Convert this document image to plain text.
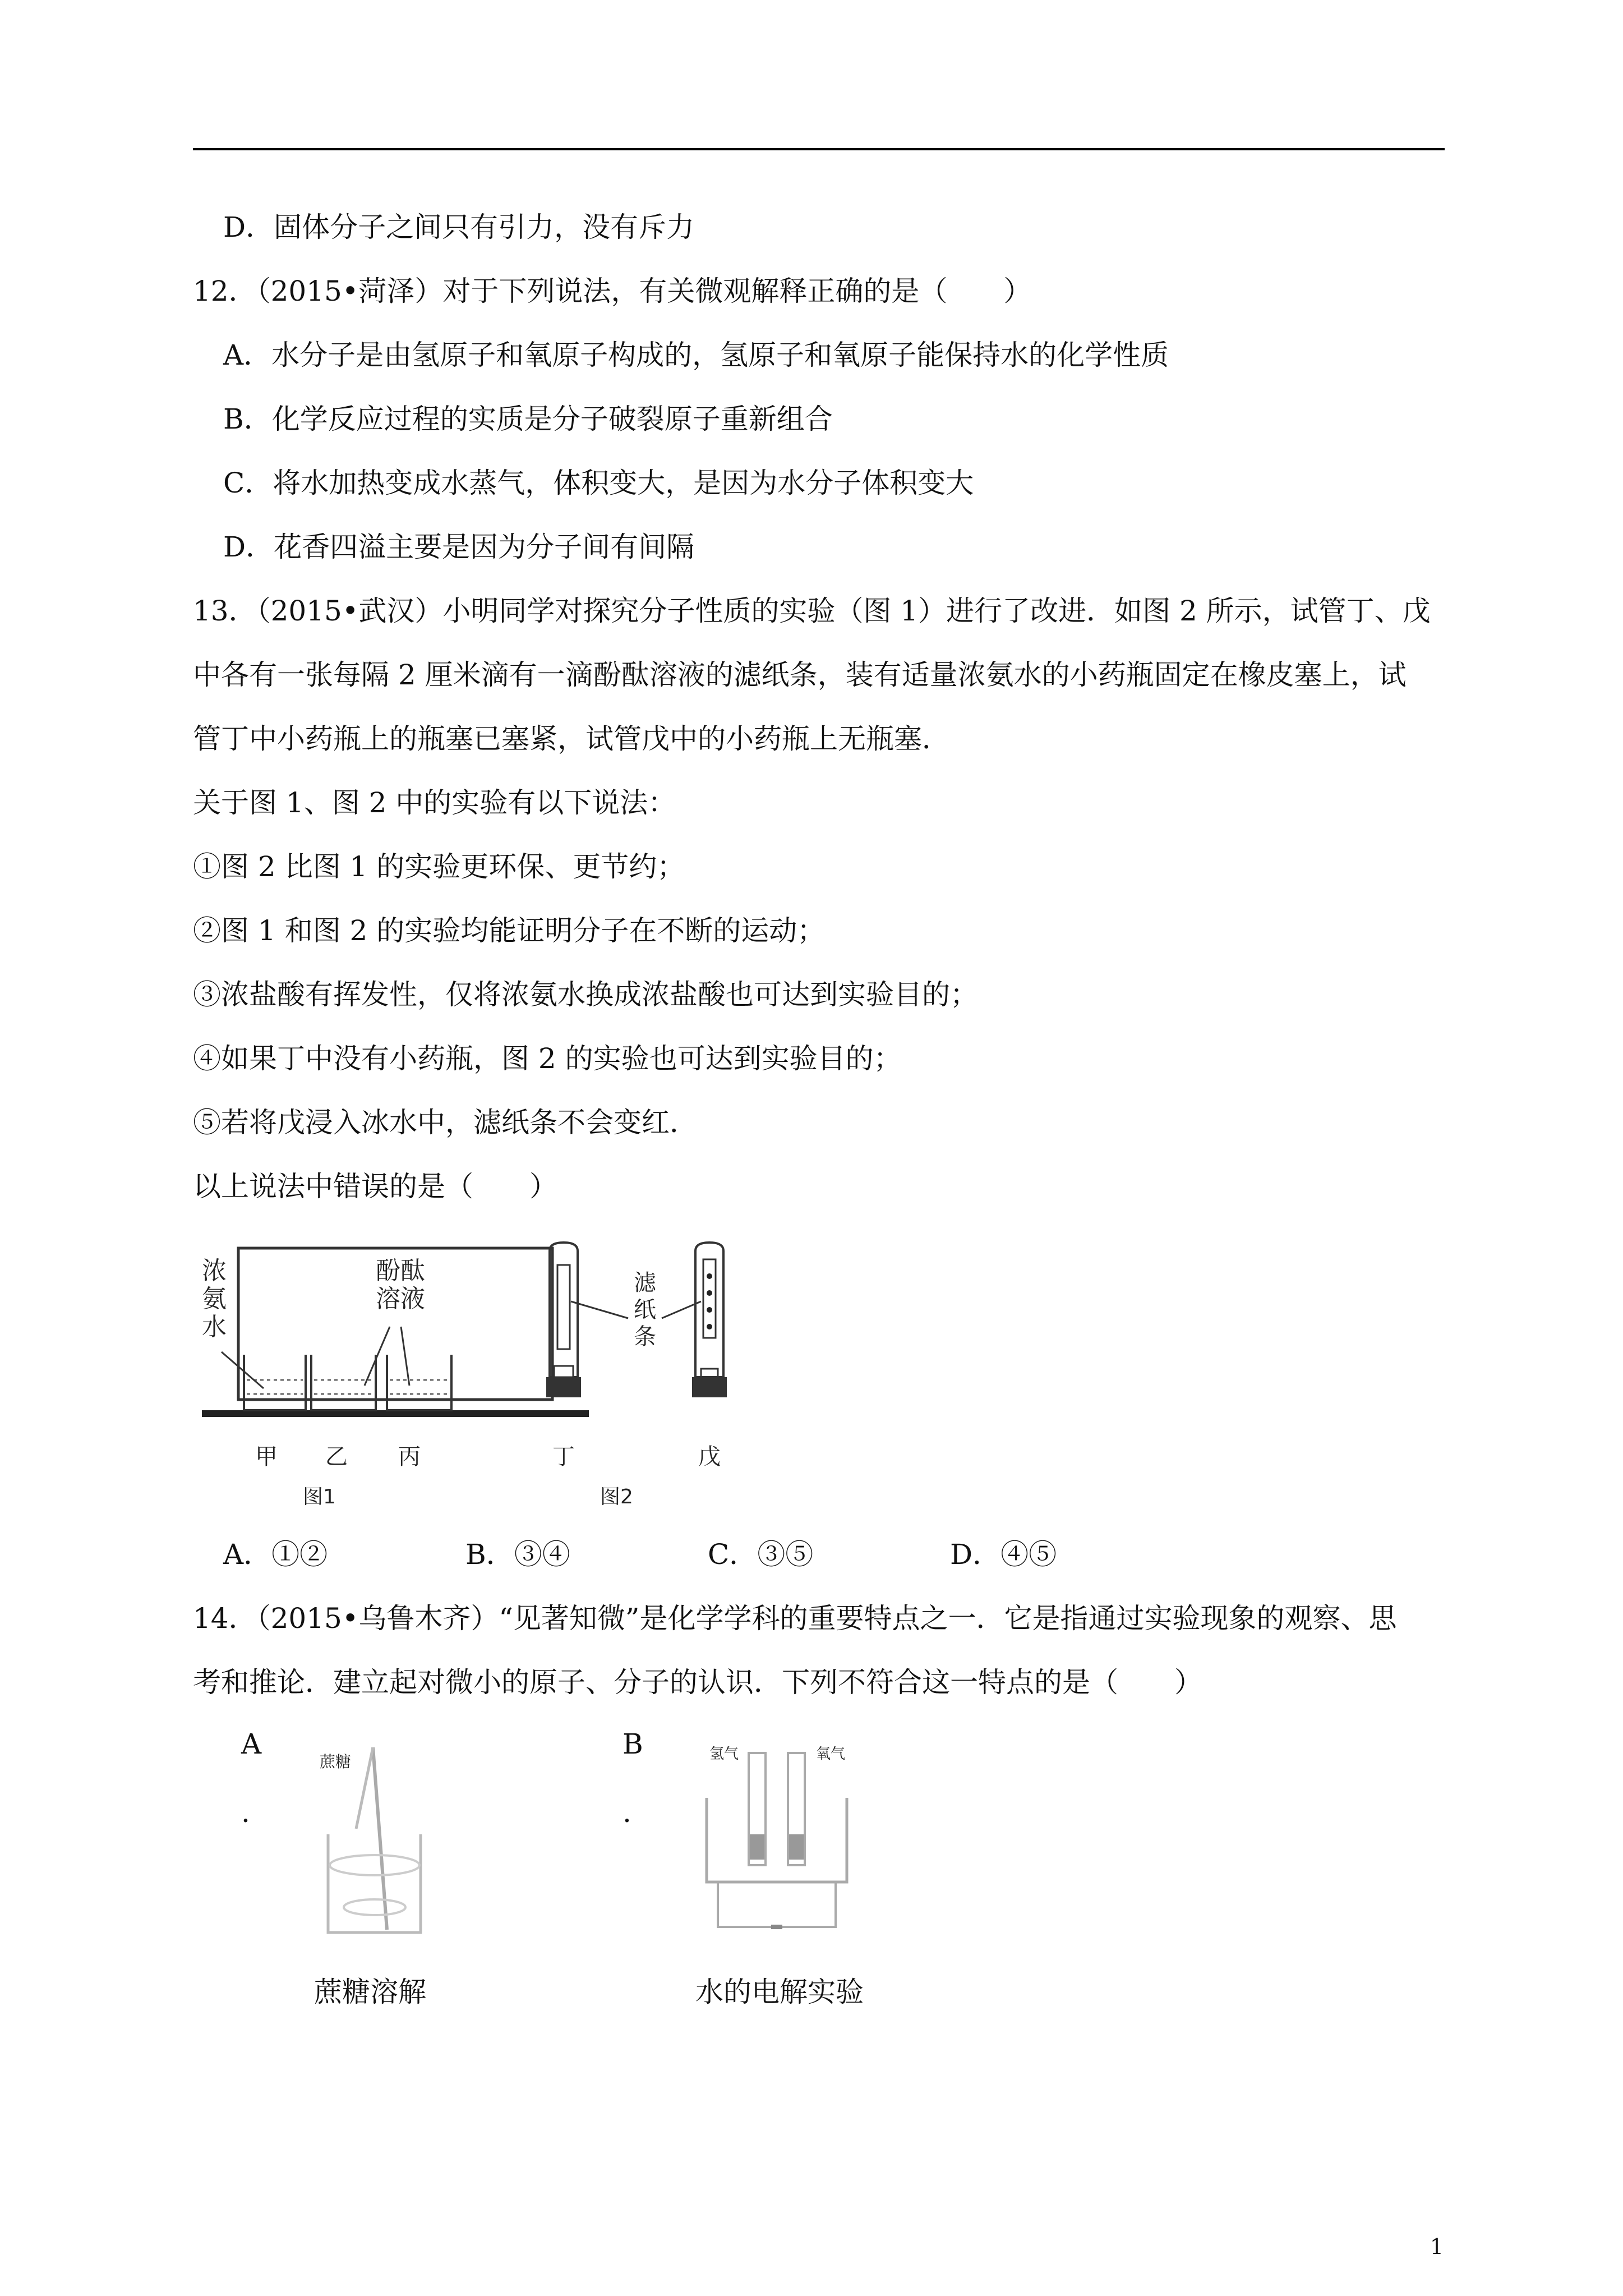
D．固体分子之间只有引力，没有斥力
12．（2015•菏泽）对于下列说法，有关微观解释正确的是（　　）
A．水分子是由氢原子和氧原子构成的，氢原子和氧原子能保持水的化学性质
B．化学反应过程的实质是分子破裂原子重新组合
C．将水加热变成水蒸气，体积变大，是因为水分子体积变大
D．花香四溢主要是因为分子间有间隔
13．（2015•武汉）小明同学对探究分子性质的实验（图 1）进行了改进．如图 2 所示，试管丁、戊
中各有一张每隔 2 厘米滴有一滴酚酞溶液的滤纸条，装有适量浓氨水的小药瓶固定在橡皮塞上，试
管丁中小药瓶上的瓶塞已塞紧，试管戊中的小药瓶上无瓶塞．
关于图 1、图 2 中的实验有以下说法：
①图 2 比图 1 的实验更环保、更节约；
②图 1 和图 2 的实验均能证明分子在不断的运动；
③浓盐酸有挥发性，仅将浓氨水换成浓盐酸也可达到实验目的；
④如果丁中没有小药瓶，图 2 的实验也可达到实验目的；
⑤若将戊浸入冰水中，滤纸条不会变红．
以上说法中错误的是（　　）
浓
氨
水
酚酞
溶液
甲 乙 丙
图1
滤
纸
条
丁	戊
图2
A．①②	B．③④	C．③⑤	D．④⑤
14．（2015•乌鲁木齐）“见著知微”是化学学科的重要特点之一．它是指通过实验现象的观察、思
考和推论．建立起对微小的原子、分子的认识．下列不符合这一特点的是（　　）
A
.
蔗糖
蔗糖溶解
B
.
氢气	氧气
水的电解实验
1
